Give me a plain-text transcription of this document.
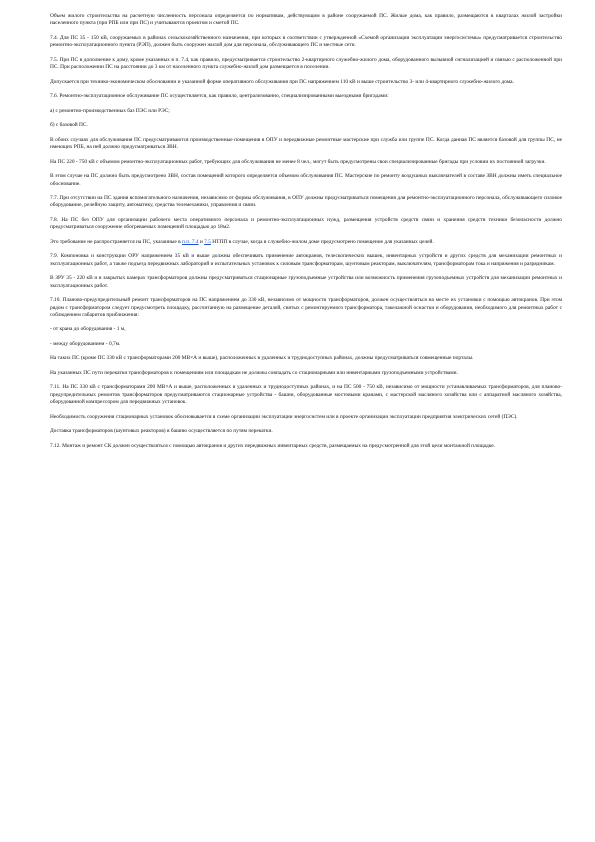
Объем жилого строительства на расчетную численность персонала определяется по нормативам, действующим в районе сооружаемой ПС. Жилые дома, как правило, размещаются в кварталах жилой застройки населенного пункта (при РПБ или при ПС) и учитываются проектом и сметой ПС.

7.4. Для ПС 35 - 150 кВ, сооружаемых в районах сельскохозяйственного назначения, при которых в соответствии с утвержденной «Схемой организации эксплуатации энергосистемы» предусматривается строительство ремонтно-эксплуатационного пункта (РЭП), должен быть сооружен жилой дом для персонала, обслуживающего ПС и местные сети.

7.5. При ПС в дополнение к дому, кроме указанных в п. 7.4, как правило, предусматривается строительство 2-квартирного служебно-жилого дома, оборудованного вызывной сигнализацией и связью с расположенной при ПС. При расположении ПС на расстоянии до 3 км от населенного пункта служебно-жилой дом размещается в поселении.

Допускается при технико-экономическом обосновании и указанной форме оперативного обслуживания при ПС напряжением 110 кВ и выше строительство 3- или 4-квартирного служебно-жилого дома.

7.6. Ремонтно-эксплуатационное обслуживание ПС осуществляется, как правило, централизованно, специализированными выездными бригадами:

а) с ремонтно-производственных баз ПЭС или РЭС;

б) с базовой ПС.

В обоих случаях для обслуживания ПС предусматриваются производственные помещения в ОПУ и передвижные ремонтные мастерские при служба или группе ПС. Когда данная ПС является базовой для группы ПС, не имеющих РПБ, на ней должно предусматриваться ЗВН.

На ПС 220 - 750 кВ с объемом ремонтно-эксплуатационных работ, требующих для обслуживания не менее 8 чел., могут быть предусмотрены свои специализированные бригады при условии их постоянной загрузки.

В этом случае на ПС должно быть предусмотрено ЗВН, состав помещений которого определяется объемом обслуживания ПС. Мастерские по ремонту воздушных выключателей в составе ЗВН должны иметь специальное обоснование.

7.7. При отсутствии на ПС здания вспомогательного назначения, независимо от формы обслуживания, в ОПУ должны предусматриваться помещения для ремонтно-эксплуатационного персонала, обслуживающего силовое оборудование, релейную защиту, автоматику, средства телемеханики, управления и связи.

7.8. На ПС без ОПУ для организации рабочего места оперативного персонала и ремонтно-эксплуатационных нужд, размещения устройств средств связи и хранения средств техники безопасности должно предусматриваться сооружение обогреваемых помещений площадью до 18м2.

Это требование не распространяется на ПС, указанные в п.п. 7.4 и 7.5 НТПП в случае, когда в служебно-жилом доме предусмотрено помещение для указанных целей.

7.9. Компоновка и конструкции ОРУ напряжением 35 кВ и выше должны обеспечивать применение автокранов, телескопических вышек, инвентарных устройств и других средств для механизации ремонтных и эксплуатационных работ, а также подъезд передвижных лабораторий и испытательных установок к силовым трансформаторам, шунтовым реакторам, выключателям, трансформаторам тока и напряжения и разрядникам.

В ЗРУ 35 - 220 кВ и в закрытых камерах трансформаторов должны предусматриваться стационарные грузоподъемные устройства или возможность применения грузоподъемных устройств для механизации ремонтных и эксплуатационных работ.

7.10. Планово-предупредительный ремонт трансформаторов на ПС напряжением до 330 кВ, независимо от мощности трансформаторов, должен осуществляться на месте их установки с помощью автокранов. При этом рядом с трансформатором следует предусмотреть площадку, рассчитанную на размещение деталей, снятых с ремонтируемого трансформатора, такелажной оснастки и оборудования, необходимого для ремонтных работ с соблюдением габаритов приближения:

- от крана до оборудования - 1 м,

- между оборудованием - 0,7м.

На таких ПС (кроме ПС 330 кВ с трансформаторами 200 МВ×А и выше), расположенных в удаленных и труднодоступных районах, должны предусматриваться совмещенные порталы.

На указанных ПС пути перекатки трансформаторов к помещениям или площадкам не должны совпадать со стационарными или инвентарными грузоподъемными устройствами.

7.11. На ПС 330 кВ с трансформаторами 200 МВ×А и выше, расположенных в удаленных и труднодоступных районах, и на ПС 500 - 750 кВ, независимо от мощности устанавливаемых трансформаторов, для планово-предупредительных ремонтов трансформаторов предусматриваются стационарные устройства - башни, оборудованные мостовыми кранами, с мастерской масляного хозяйства или с аппаратной масляного хозяйства, оборудованной компрессором для передвижных установок.

Необходимость сооружения стационарных установок обосновывается в схеме организации эксплуатации энергосистем или в проекте организации эксплуатации предприятия электрических сетей (ПЭС).

Доставка трансформаторов (шунтовых реакторов) в башню осуществляется по путям перекатки.

7.12. Монтаж и ремонт СК должен осуществляться с помощью автокранов и других передвижных инвентарных средств, размещаемых на предусмотренной для этой цели монтажной площадке.
